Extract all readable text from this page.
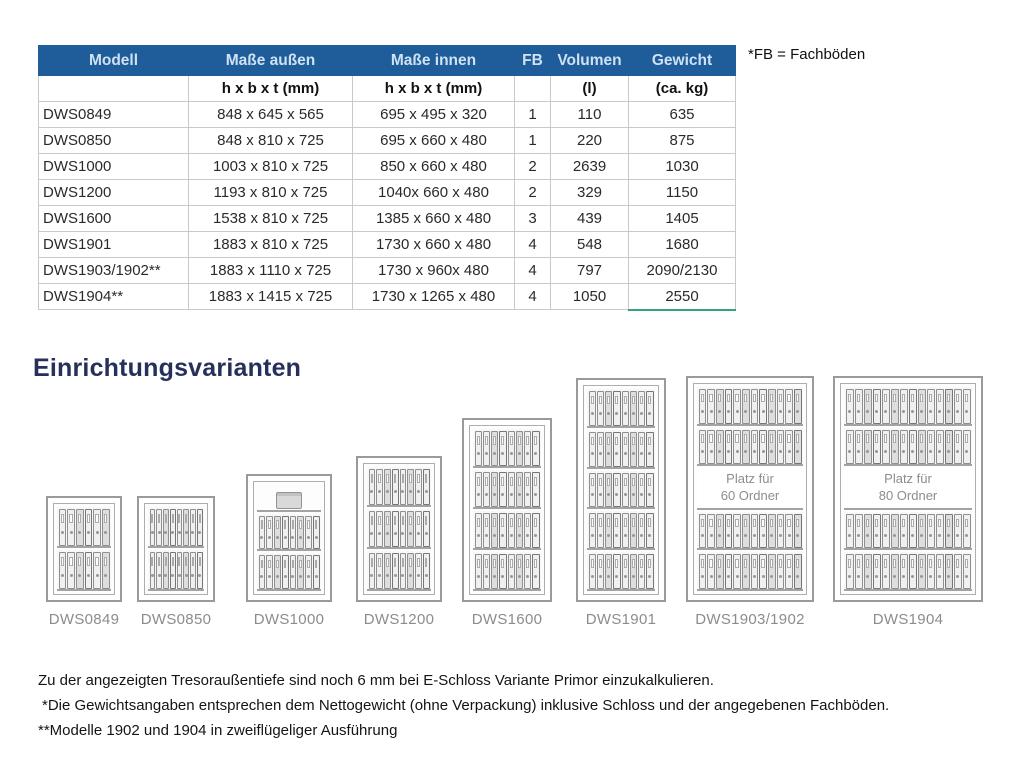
Modell	Maße außen	Maße innen	FB	Volumen	Gewicht
	h x b x t (mm)	h x b x t (mm)		(l)	(ca. kg)
DWS0849	848 x 645 x 565	695 x 495 x 320	1	110	635
DWS0850	848 x 810 x 725	695 x 660 x 480	1	220	875
DWS1000	1003 x 810 x 725	850 x 660 x 480	2	2639	1030
DWS1200	1193 x 810 x 725	1040x 660 x 480	2	329	1150
DWS1600	1538 x 810 x 725	1385 x 660 x 480	3	439	1405
DWS1901	1883 x 810 x 725	1730 x 660 x 480	4	548	1680
DWS1903/1902**	1883 x 1110 x 725	1730 x 960x 480	4	797	2090/2130
DWS1904**	1883 x 1415 x 725	1730 x 1265 x 480	4	1050	2550
*FB = Fachböden
Einrichtungsvarianten
DWS0849 DWS0850	DWS1000	DWS1200	DWS1600	DWS1901
Platz für
60 Ordner
DWS1903/1902
Platz für
80 Ordner
DWS1904
Zu der angezeigten Tresoraußentiefe sind noch 6 mm bei E-Schloss Variante Primor einzukalkulieren.
*Die Gewichtsangaben entsprechen dem Nettogewicht (ohne Verpackung) inklusive Schloss und der angegebenen Fachböden.
**Modelle 1902 und 1904 in zweiflügeliger Ausführung
